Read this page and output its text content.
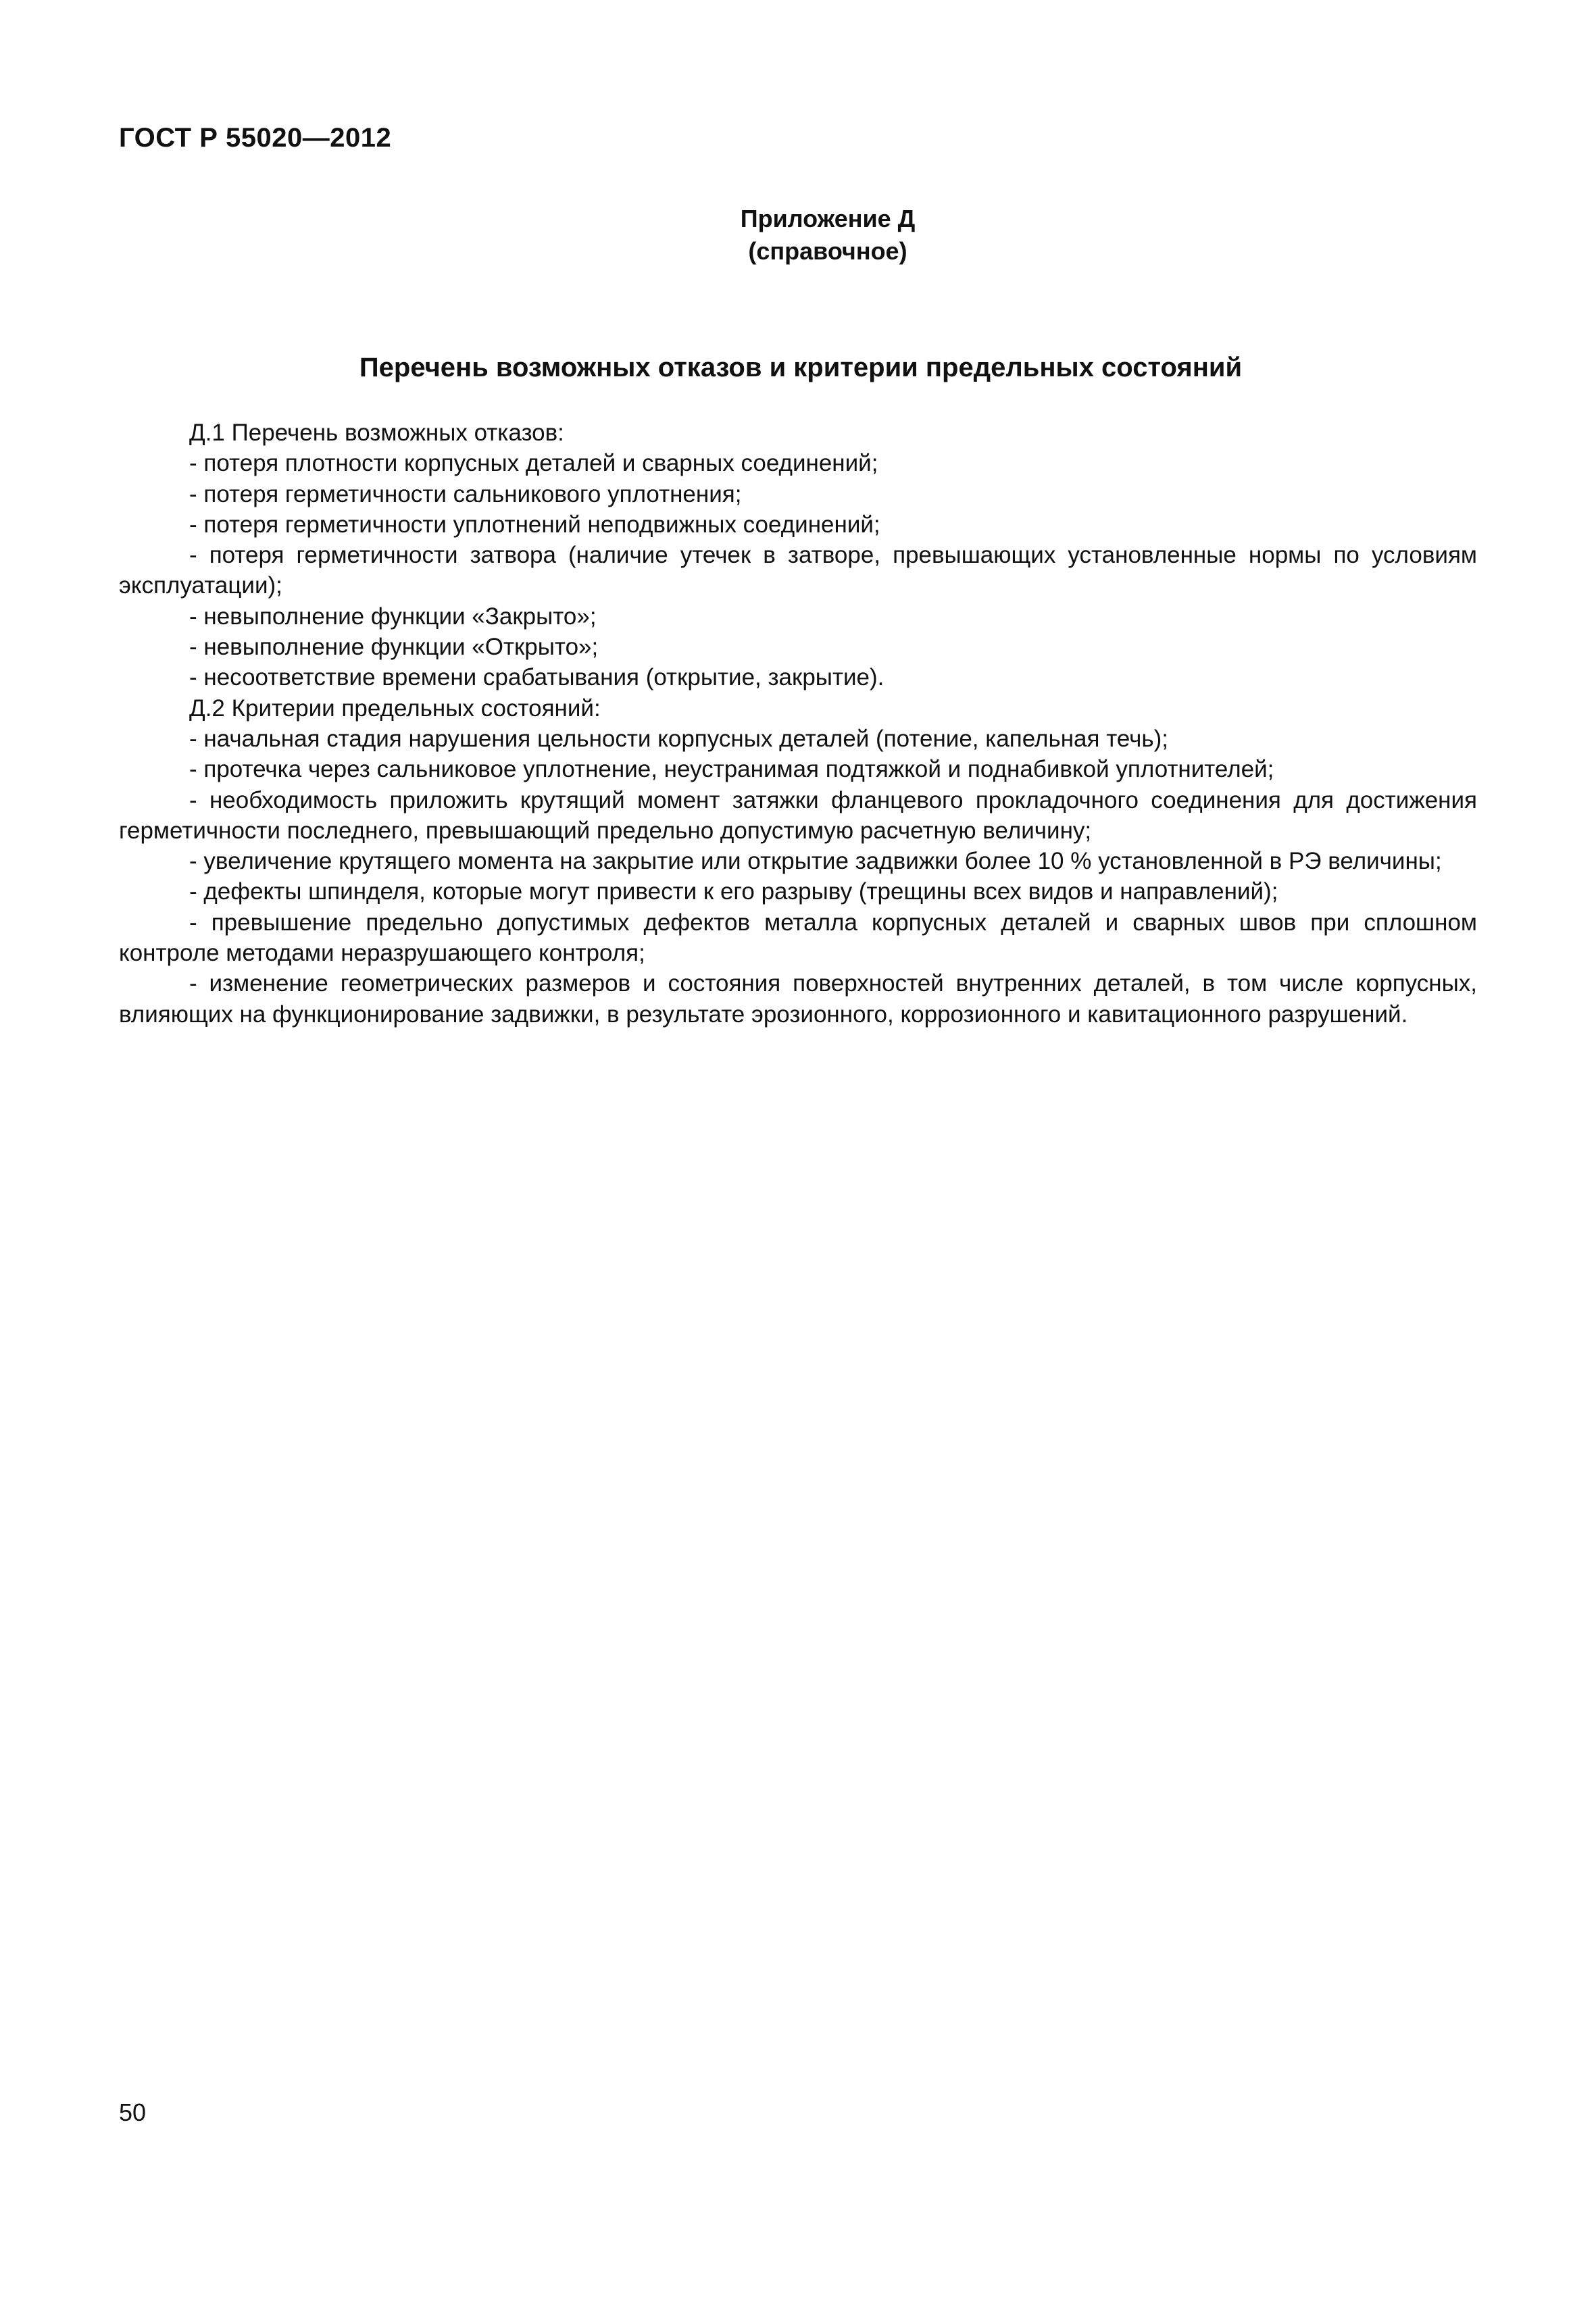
ГОСТ Р 55020—2012
Приложение Д
(справочное)
Перечень возможных отказов и критерии предельных состояний

Д.1 Перечень возможных отказов:

- потеря плотности корпусных деталей и сварных соединений;

- потеря герметичности сальникового уплотнения;

- потеря герметичности уплотнений неподвижных соединений;

- потеря герметичности затвора (наличие утечек в затворе, превышающих установленные нормы по условиям эксплуатации);

- невыполнение функции «Закрыто»;

- невыполнение функции «Открыто»;

- несоответствие времени срабатывания (открытие, закрытие).

Д.2 Критерии предельных состояний:

- начальная стадия нарушения цельности корпусных деталей (потение, капельная течь);

- протечка через сальниковое уплотнение, неустранимая подтяжкой и поднабивкой уплотнителей;

- необходимость приложить крутящий момент затяжки фланцевого прокладочного соединения для достижения герметичности последнего, превышающий предельно допустимую расчетную величину;

- увеличение крутящего момента на закрытие или открытие задвижки более 10 % установленной в РЭ величины;

- дефекты шпинделя, которые могут привести к его разрыву (трещины всех видов и направлений);

- превышение предельно допустимых дефектов металла корпусных деталей и сварных швов при сплошном контроле методами неразрушающего контроля;

- изменение геометрических размеров и состояния поверхностей внутренних деталей, в том числе корпусных, влияющих на функционирование задвижки, в результате эрозионного, коррозионного и кавитационного разрушений.

50
